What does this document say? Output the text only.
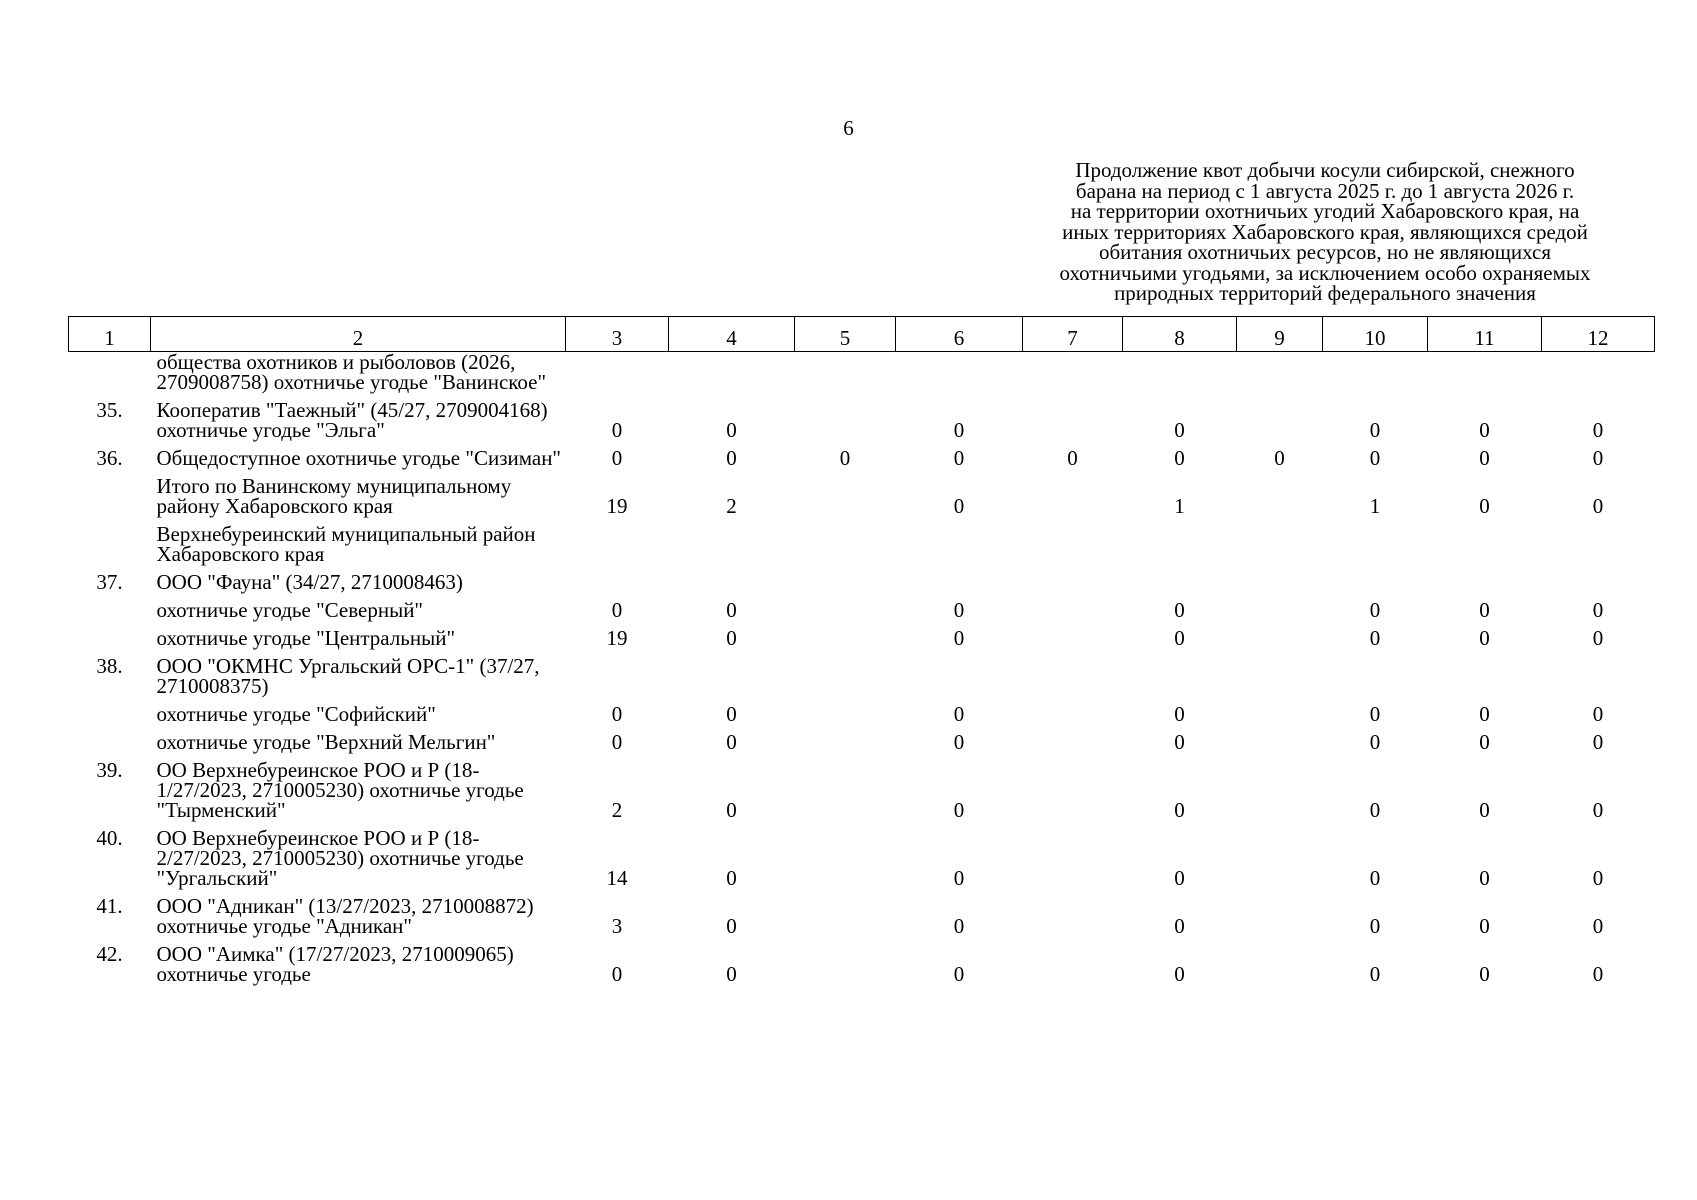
6
Продолжение квот добычи косули сибирской, снежного
барана на период с 1 августа 2025 г. до 1 августа 2026 г.
на территории охотничьих угодий Хабаровского края, на
иных территориях Хабаровского края, являющихся средой
обитания охотничьих ресурсов, но не являющихся
охотничьими угодьями, за исключением особо охраняемых
природных территорий федерального значения
1	2	3	4	5	6	7	8	9	10	11	12
	общества охотников и рыболовов (2026, 2709008758) охотничье угодье "Ванинское"										
35.	Кооператив "Таежный" (45/27, 2709004168) охотничье угодье "Эльга"	0	0		0		0		0	0	0
36.	Общедоступное охотничье угодье "Сизиман"	0	0	0	0	0	0	0	0	0	0
	Итого по Ванинскому муниципальному району Хабаровского края	19	2		0		1		1	0	0
	Верхнебуреинский муниципальный район Хабаровского края										
37.	ООО "Фауна" (34/27, 2710008463)										
	охотничье угодье "Северный"	0	0		0		0		0	0	0
	охотничье угодье "Центральный"	19	0		0		0		0	0	0
38.	ООО "ОКМНС Ургальский ОРС-1" (37/27, 2710008375)										
	охотничье угодье "Софийский"	0	0		0		0		0	0	0
	охотничье угодье "Верхний Мельгин"	0	0		0		0		0	0	0
39.	ОО Верхнебуреинское РОО и Р (18-1/27/2023, 2710005230) охотничье угодье "Тырменский"	2	0		0		0		0	0	0
40.	ОО Верхнебуреинское РОО и Р (18-2/27/2023, 2710005230) охотничье угодье "Ургальский"	14	0		0		0		0	0	0
41.	ООО "Адникан" (13/27/2023, 2710008872) охотничье угодье "Адникан"	3	0		0		0		0	0	0
42.	ООО "Аимка" (17/27/2023, 2710009065) охотничье угодье	0	0		0		0		0	0	0
